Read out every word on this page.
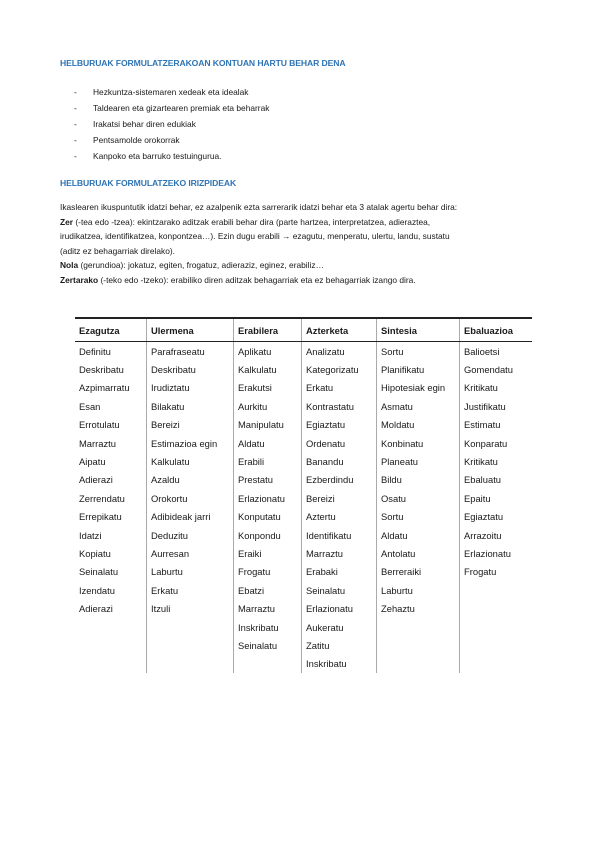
HELBURUAK FORMULATZERAKOAN KONTUAN HARTU BEHAR DENA
- Hezkuntza-sistemaren xedeak eta idealak
- Taldearen eta gizartearen premiak eta beharrak
- Irakatsi behar diren edukiak
- Pentsamolde orokorrak
- Kanpoko eta barruko testuingurua.
HELBURUAK FORMULATZEKO IRIZPIDEAK

Ikaslearen ikuspuntutik idatzi behar, ez azalpenik ezta sarrerarik idatzi behar eta 3 atalak agertu behar dira:

Zer (-tea edo -tzea): ekintzarako aditzak erabili behar dira (parte hartzea, interpretatzea, adieraztea,

irudikatzea, identifikatzea, konpontzea…). Ezin dugu erabili → ezagutu, menperatu, ulertu, landu, sustatu

(aditz ez behagarriak direlako).

Nola (gerundioa): jokatuz, egiten, frogatuz, adieraziz, eginez, erabiliz…

Zertarako (-teko edo -tzeko): erabiliko diren aditzak behagarriak eta ez behagarriak izango dira.

Ezagutza	Ulermena	Erabilera	Azterketa	Sintesia	Ebaluazioa
Definitu	Parafraseatu	Aplikatu	Analizatu	Sortu	Balioetsi
Deskribatu	Deskribatu	Kalkulatu	Kategorizatu	Planifikatu	Gomendatu
Azpimarratu	Irudiztatu	Erakutsi	Erkatu	Hipotesiak egin	Kritikatu
Esan	Bilakatu	Aurkitu	Kontrastatu	Asmatu	Justifikatu
Errotulatu	Bereizi	Manipulatu	Egiaztatu	Moldatu	Estimatu
Marraztu	Estimazioa egin	Aldatu	Ordenatu	Konbinatu	Konparatu
Aipatu	Kalkulatu	Erabili	Banandu	Planeatu	Kritikatu
Adierazi	Azaldu	Prestatu	Ezberdindu	Bildu	Ebaluatu
Zerrendatu	Orokortu	Erlazionatu	Bereizi	Osatu	Epaitu
Errepikatu	Adibideak jarri	Konputatu	Aztertu	Sortu	Egiaztatu
Idatzi	Deduzitu	Konpondu	Identifikatu	Aldatu	Arrazoitu
Kopiatu	Aurresan	Eraiki	Marraztu	Antolatu	Erlazionatu
Seinalatu	Laburtu	Frogatu	Erabaki	Berreraiki	Frogatu
Izendatu	Erkatu	Ebatzi	Seinalatu	Laburtu	
Adierazi	Itzuli	Marraztu	Erlazionatu	Zehaztu	
		Inskribatu	Aukeratu		
		Seinalatu	Zatitu		
			Inskribatu		
